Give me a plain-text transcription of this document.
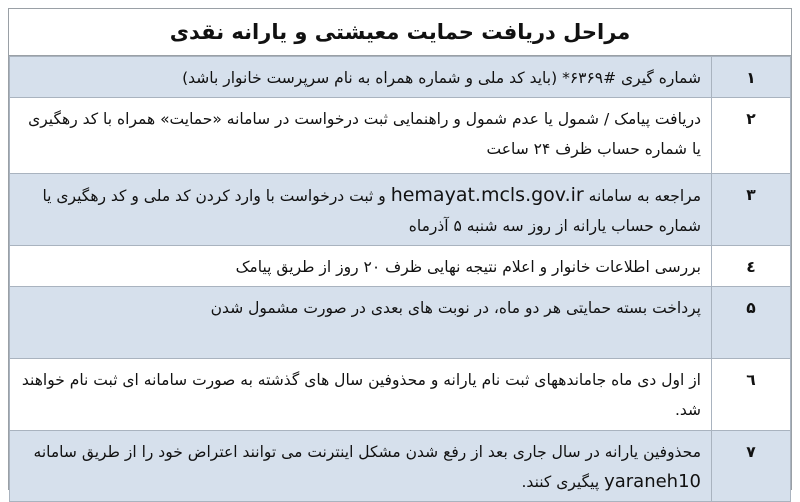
مراحل دریافت حمایت معیشتی و یارانه نقدی
۱	شماره گیری #۶۳۶۹* (باید کد ملی و شماره همراه به نام سرپرست خانوار باشد)
۲	دریافت پیامک / شمول یا عدم شمول و راهنمایی ثبت درخواست در سامانه «حمایت» همراه با کد رهگیری یا شماره حساب ظرف ۲۴ ساعت
۳	مراجعه به سامانه hemayat.mcls.gov.ir و ثبت درخواست با وارد کردن کد ملی و کد رهگیری یا شماره حساب یارانه از روز سه شنبه ۵ آذرماه
٤	بررسی اطلاعات خانوار و اعلام نتیجه نهایی ظرف ۲۰ روز از طریق پیامک
۵	پرداخت بسته حمایتی هر دو ماه، در نوبت های بعدی در صورت مشمول شدن
٦	از اول دی ماه جاماندههای ثبت نام یارانه و محذوفین سال های گذشته به صورت سامانه ای ثبت نام خواهند شد.
۷	محذوفین یارانه در سال جاری بعد از رفع شدن مشکل اینترنت می توانند اعتراض خود را از طریق سامانه yaraneh10 پیگیری کنند.
